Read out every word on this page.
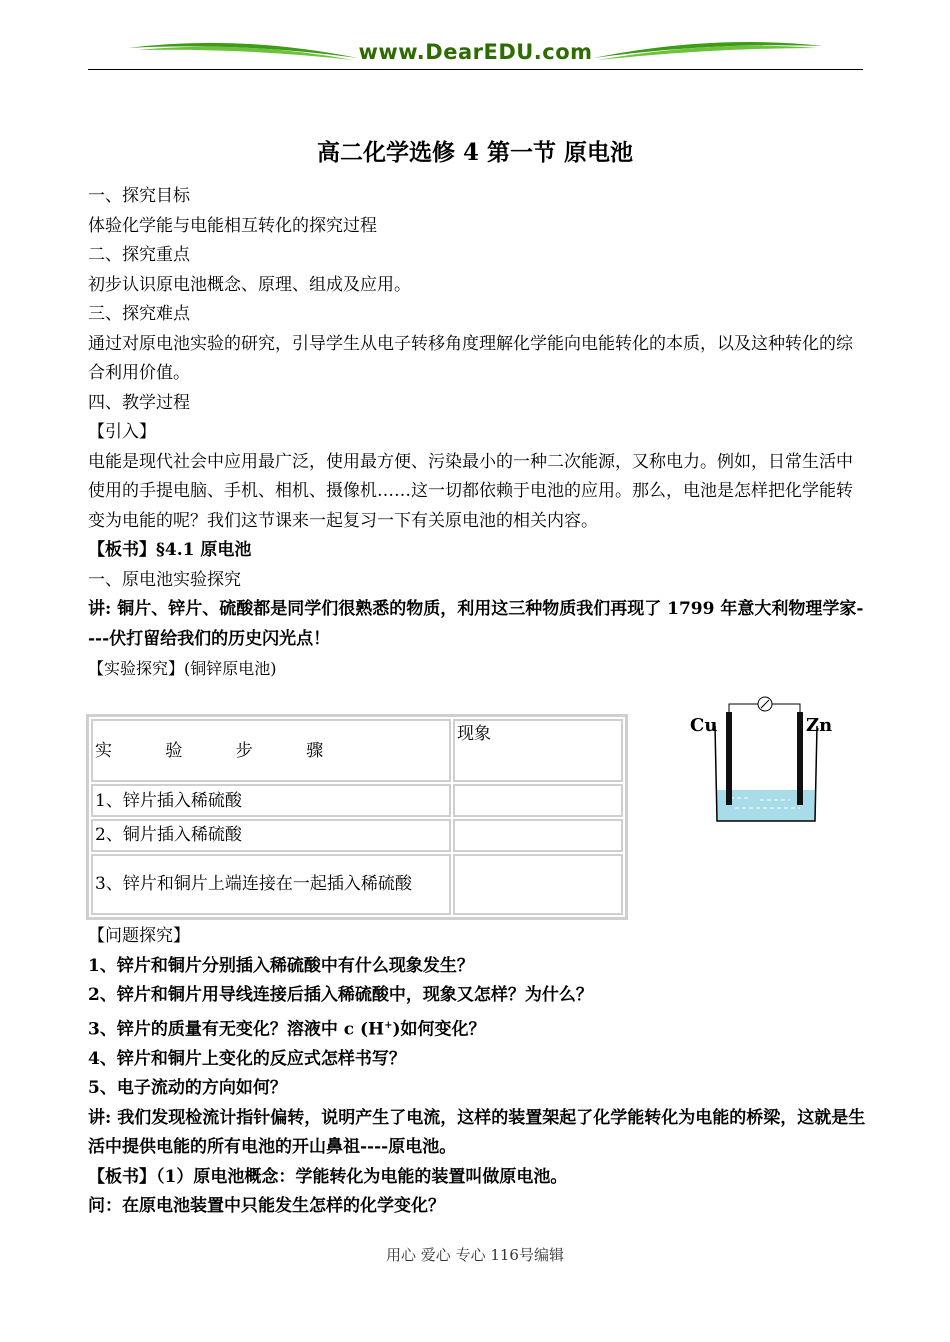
www.DearEDU.com
高二化学选修 4 第一节 原电池

一、探究目标

体验化学能与电能相互转化的探究过程

二、探究重点

初步认识原电池概念、原理、组成及应用。

三、探究难点

通过对原电池实验的研究，引导学生从电子转移角度理解化学能向电能转化的本质，以及这种转化的综合利用价值。

四、教学过程

【引入】

电能是现代社会中应用最广泛，使用最方便、污染最小的一种二次能源，又称电力。例如，日常生活中使用的手提电脑、手机、相机、摄像机……这一切都依赖于电池的应用。那么，电池是怎样把化学能转变为电能的呢？我们这节课来一起复习一下有关原电池的相关内容。

【板书】§4.1 原电池

一、原电池实验探究

讲: 铜片、锌片、硫酸都是同学们很熟悉的物质，利用这三种物质我们再现了 1799 年意大利物理学家----伏打留给我们的历史闪光点！

【实验探究】(铜锌原电池)

实 验 步 骤	现象
1、锌片插入稀硫酸	
2、铜片插入稀硫酸	
3、锌片和铜片上端连接在一起插入稀硫酸	
Cu	Zn

【问题探究】

1、锌片和铜片分别插入稀硫酸中有什么现象发生？

2、锌片和铜片用导线连接后插入稀硫酸中，现象又怎样？为什么？

3、锌片的质量有无变化？溶液中 c (H+)如何变化？

4、锌片和铜片上变化的反应式怎样书写？

5、电子流动的方向如何？

讲: 我们发现检流计指针偏转，说明产生了电流，这样的装置架起了化学能转化为电能的桥梁，这就是生活中提供电能的所有电池的开山鼻祖----原电池。

【板书】（1）原电池概念：学能转化为电能的装置叫做原电池。

问：在原电池装置中只能发生怎样的化学变化？

用心 爱心 专心 116号编辑
